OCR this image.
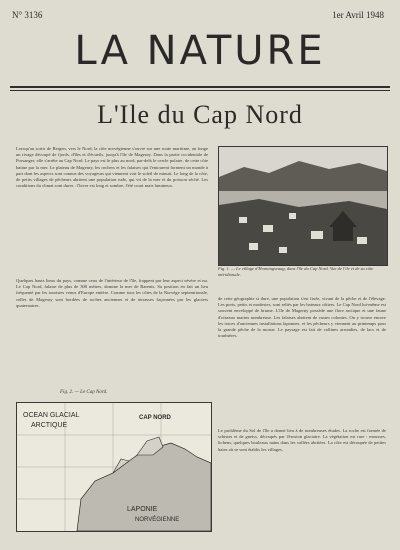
N° 3136	1er Avril 1948
LA NATURE
L'Ile du Cap Nord
Lorsqu'au sortir de Bergen, vers le Nord, la côte norvégienne s'ouvre sur une route maritime, on longe un rivage découpé de fjords, d'îles et d'écueils, jusqu'à l'île de Magerøy. Dans la partie occidentale de Porsanger, elle s'arrête au Cap Nord. Le pays est le plus au nord, par-delà le cercle polaire, de cette côte battue par la mer. Le plateau de Magerøy, les rochers et les falaises qui l'entourent forment un monde à part dont les aspects sont connus des voyageurs qui viennent voir le soleil de minuit. Le long de la côte, de petits villages de pêcheurs abritent une population rude, qui vit de la mer et du poisson séché. Les conditions du climat sont dures : l'hiver est long et sombre, l'été court mais lumineux.
Quelques hauts lieux du pays, comme ceux de l'intérieur de l'île, frappent par leur aspect sévère et nu. Le Cap Nord, falaise de plus de 300 mètres, domine la mer de Barents. Sa position en fait un lieu fréquenté par les touristes venus d'Europe entière. Comme tous les côtes de la Norvège septentrionale, celles de Magerøy sont bordées de roches anciennes et de terrasses façonnées par les glaciers quaternaires.
Fig. 1. — Le village d'Honningsvaag, dans l'île du Cap Nord. Vue de l'ile et de sa côte méridionale.
de cette géographie si dure, une population s'est fixée, vivant de la pêche et de l'élevage. Les ports, petits et modestes, sont reliés par les bateaux côtiers. Le Cap Nord lui-même est souvent enveloppé de brume. L'île de Magerøy possède une flore arctique et une faune d'oiseaux marins nombreuse. Les falaises abritent de vastes colonies. On y trouve encore les traces d'anciennes installations laponnes, et les pêcheurs y viennent au printemps pour la grande pêche de la morue. Le paysage est fait de collines arrondies, de lacs et de tourbières.
Le problème du Sol de l'île a donné lieu à de nombreuses études. La roche est formée de schistes et de gneiss, découpés par l'érosion glaciaire. La végétation est rare : mousses, lichens, quelques bouleaux nains dans les vallées abritées. La côte est découpée de petites baies où se sont établis les villages.
Fig. 2. — Le Cap Nord.
OCEAN GLACIAL
ARCTIQUE
CAP NORD
LAPONIE
NORVÉGIENNE
